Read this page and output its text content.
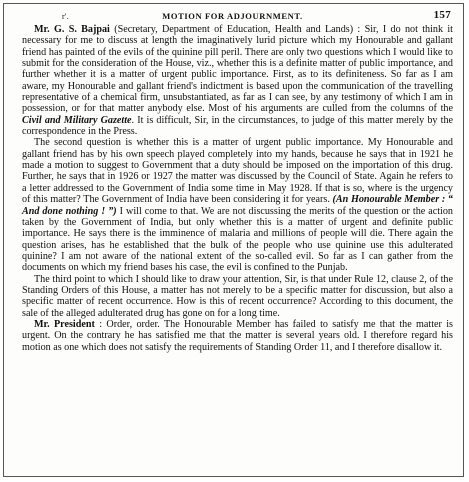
r'.	MOTION FOR ADJOURNMENT.	157

Mr. G. S. Bajpai (Secretary, Department of Education, Health and Lands) : Sir, I do not think it necessary for me to discuss at length the imaginatively lurid picture which my Honourable and gallant friend has painted of the evils of the quinine pill peril. There are only two questions which I would like to submit for the consideration of the House, viz., whether this is a definite matter of public importance, and further whether it is a matter of urgent public importance. First, as to its definiteness. So far as I am aware, my Honourable and gallant friend's indictment is based upon the communication of the travelling representative of a chemical firm, unsubstantiated, as far as I can see, by any testimony of which I am in possession, or for that matter anybody else. Most of his arguments are culled from the columns of the Civil and Military Gazette. It is difficult, Sir, in the circumstances, to judge of this matter merely by the correspondence in the Press.

The second question is whether this is a matter of urgent public importance. My Honourable and gallant friend has by his own speech played completely into my hands, because he says that in 1921 he made a motion to suggest to Government that a duty should be imposed on the importation of this drug. Further, he says that in 1926 or 1927 the matter was discussed by the Council of State. Again he refers to a letter addressed to the Government of India some time in May 1928. If that is so, where is the urgency of this matter? The Government of India have been considering it for years. (An Honourable Member : “ And done nothing ! ”) I will come to that. We are not discussing the merits of the question or the action taken by the Government of India, but only whether this is a matter of urgent and definite public importance. He says there is the imminence of malaria and millions of people will die. There again the question arises, has he established that the bulk of the people who use quinine use this adulterated quinine? I am not aware of the national extent of the so-called evil. So far as I can gather from the documents on which my friend bases his case, the evil is confined to the Punjab.

The third point to which I should like to draw your attention, Sir, is that under Rule 12, clause 2, of the Standing Orders of this House, a matter has not merely to be a specific matter for discussion, but also a specific matter of recent occurrence. How is this of recent occurrence? According to this document, the sale of the alleged adulterated drug has gone on for a long time.

Mr. President : Order, order. The Honourable Member has failed to satisfy me that the matter is urgent. On the contrary he has satisfied me that the matter is several years old. I therefore regard his motion as one which does not satisfy the requirements of Standing Order 11, and I therefore disallow it.
